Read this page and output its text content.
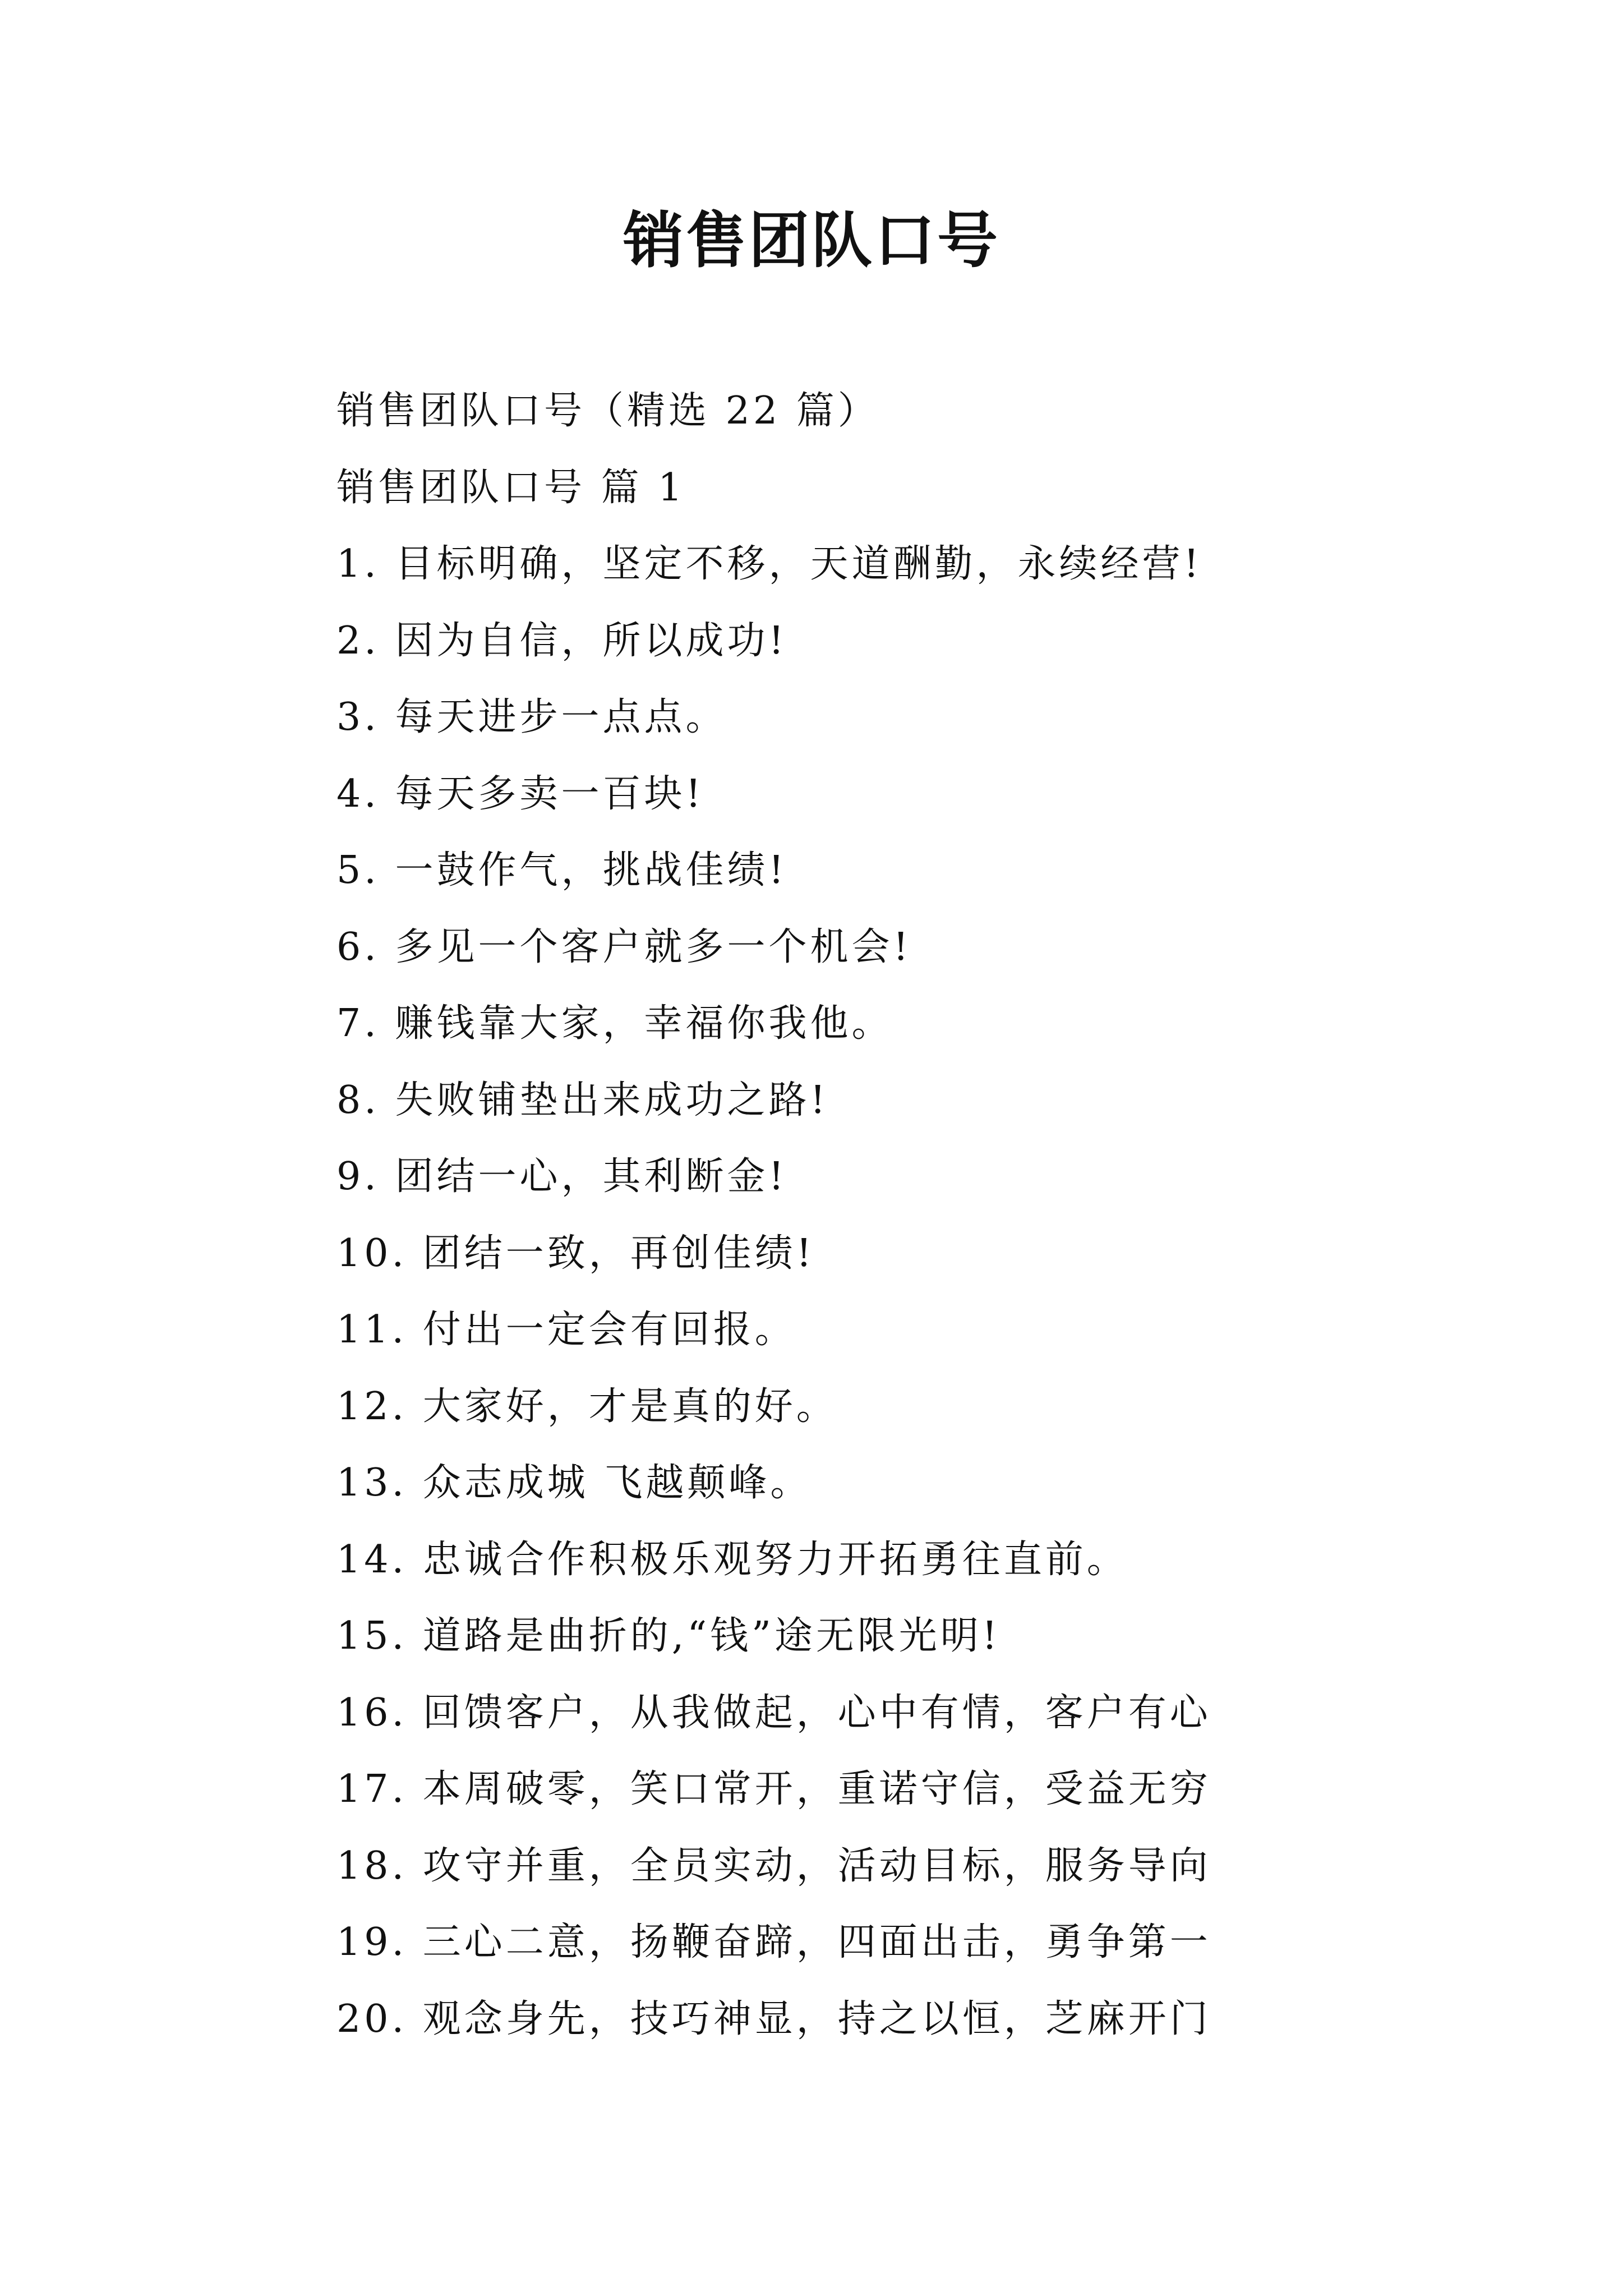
销售团队口号
销售团队口号（精选 22 篇）
销售团队口号 篇 1
1. 目标明确，坚定不移，天道酬勤，永续经营!
2. 因为自信，所以成功!
3. 每天进步一点点。
4. 每天多卖一百块!
5. 一鼓作气，挑战佳绩!
6. 多见一个客户就多一个机会!
7. 赚钱靠大家，幸福你我他。
8. 失败铺垫出来成功之路!
9. 团结一心，其利断金!
10. 团结一致，再创佳绩!
11. 付出一定会有回报。
12. 大家好，才是真的好。
13. 众志成城 飞越颠峰。
14. 忠诚合作积极乐观努力开拓勇往直前。
15. 道路是曲折的,“钱”途无限光明!
16. 回馈客户，从我做起，心中有情，客户有心
17. 本周破零，笑口常开，重诺守信，受益无穷
18. 攻守并重，全员实动，活动目标，服务导向
19. 三心二意，扬鞭奋蹄，四面出击，勇争第一
20. 观念身先，技巧神显，持之以恒，芝麻开门
